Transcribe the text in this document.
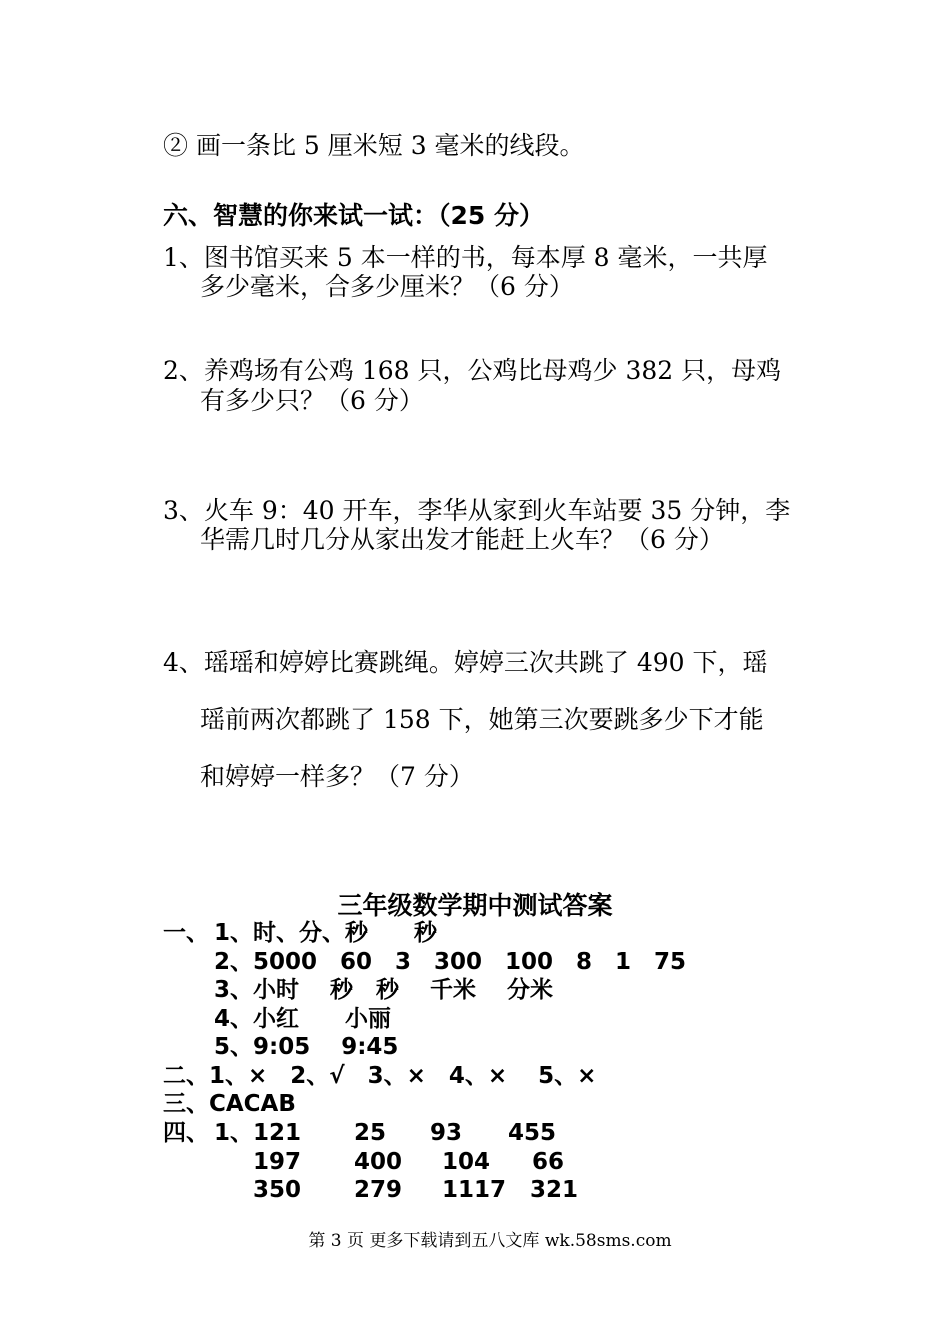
② 画一条比 5 厘米短 3 毫米的线段。
六、智慧的你来试一试：（25 分）
1、图书馆买来 5 本一样的书，每本厚 8 毫米，一共厚
多少毫米，合多少厘米？（6 分）
2、养鸡场有公鸡 168 只，公鸡比母鸡少 382 只，母鸡
有多少只？（6 分）
3、火车 9：40 开车，李华从家到火车站要 35 分钟，李
华需几时几分从家出发才能赶上火车？（6 分）
4、瑶瑶和婷婷比赛跳绳。婷婷三次共跳了 490 下，瑶
瑶前两次都跳了 158 下，她第三次要跳多少下才能
和婷婷一样多？（7 分）
三年级数学期中测试答案
一、 1、时、分、秒　　秒
2、5000　60　3　300　100　8　1　75
3、小时　 秒　秒　 千米　 分米
4、小红　　小丽
5、9:05　 9:45
二、1、×　2、√　3、×　4、×　 5、×
三、CACAB
四、 1、121 25 93 455
197 400 104 66
350 279 1117 321
第 3 页 更多下载请到五八文库 wk.58sms.com
